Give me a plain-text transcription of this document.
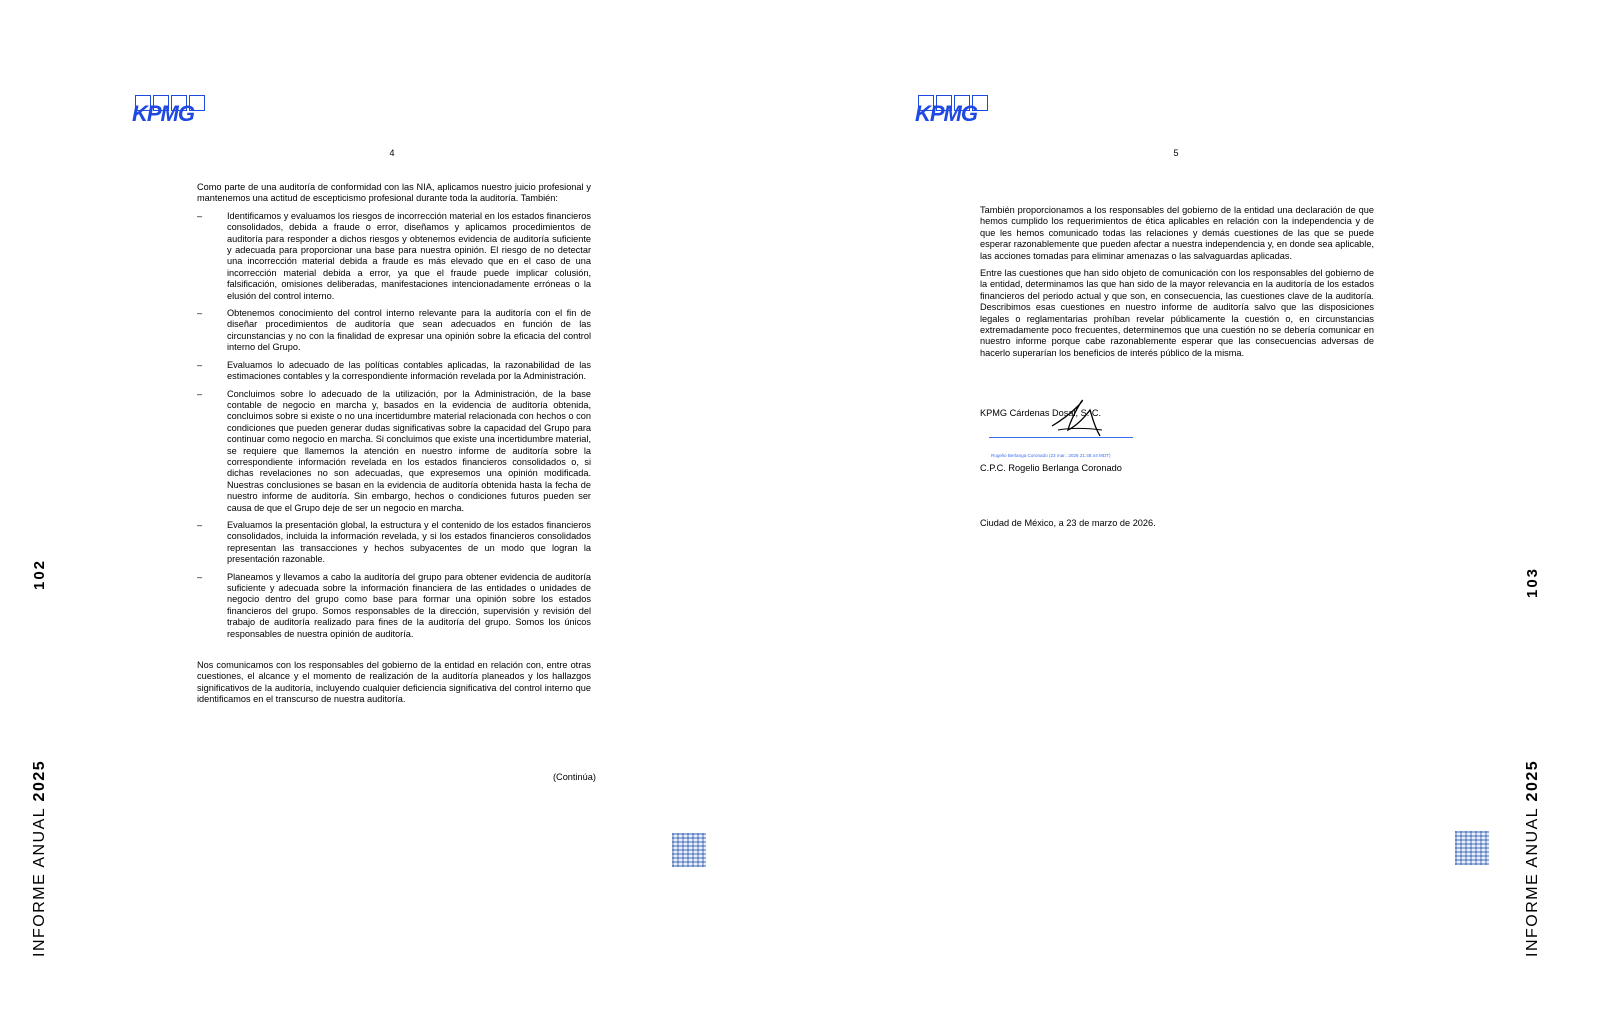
KPMG
4

Como parte de una auditoría de conformidad con las NIA, aplicamos nuestro juicio profesional y mantenemos una actitud de escepticismo profesional durante toda la auditoría. También:

–	Identificamos y evaluamos los riesgos de incorrección material en los estados financieros consolidados, debida a fraude o error, diseñamos y aplicamos procedimientos de auditoría para responder a dichos riesgos y obtenemos evidencia de auditoría suficiente y adecuada para proporcionar una base para nuestra opinión. El riesgo de no detectar una incorrección material debida a fraude es más elevado que en el caso de una incorrección material debida a error, ya que el fraude puede implicar colusión, falsificación, omisiones deliberadas, manifestaciones intencionadamente erróneas o la elusión del control interno.
–	Obtenemos conocimiento del control interno relevante para la auditoría con el fin de diseñar procedimientos de auditoría que sean adecuados en función de las circunstancias y no con la finalidad de expresar una opinión sobre la eficacia del control interno del Grupo.
–	Evaluamos lo adecuado de las políticas contables aplicadas, la razonabilidad de las estimaciones contables y la correspondiente información revelada por la Administración.
–	Concluimos sobre lo adecuado de la utilización, por la Administración, de la base contable de negocio en marcha y, basados en la evidencia de auditoría obtenida, concluimos sobre si existe o no una incertidumbre material relacionada con hechos o con condiciones que pueden generar dudas significativas sobre la capacidad del Grupo para continuar como negocio en marcha. Si concluimos que existe una incertidumbre material, se requiere que llamemos la atención en nuestro informe de auditoría sobre la correspondiente información revelada en los estados financieros consolidados o, si dichas revelaciones no son adecuadas, que expresemos una opinión modificada. Nuestras conclusiones se basan en la evidencia de auditoría obtenida hasta la fecha de nuestro informe de auditoría. Sin embargo, hechos o condiciones futuros pueden ser causa de que el Grupo deje de ser un negocio en marcha.
–	Evaluamos la presentación global, la estructura y el contenido de los estados financieros consolidados, incluida la información revelada, y si los estados financieros consolidados representan las transacciones y hechos subyacentes de un modo que logran la presentación razonable.
–	Planeamos y llevamos a cabo la auditoría del grupo para obtener evidencia de auditoría suficiente y adecuada sobre la información financiera de las entidades o unidades de negocio dentro del grupo como base para formar una opinión sobre los estados financieros del grupo. Somos responsables de la dirección, supervisión y revisión del trabajo de auditoría realizado para fines de la auditoría del grupo. Somos los únicos responsables de nuestra opinión de auditoría.

Nos comunicamos con los responsables del gobierno de la entidad en relación con, entre otras cuestiones, el alcance y el momento de realización de la auditoría planeados y los hallazgos significativos de la auditoría, incluyendo cualquier deficiencia significativa del control interno que identificamos en el transcurso de nuestra auditoría.

(Continúa)
102
INFORME ANUAL 2025
KPMG
5

También proporcionamos a los responsables del gobierno de la entidad una declaración de que hemos cumplido los requerimientos de ética aplicables en relación con la independencia y de que les hemos comunicado todas las relaciones y demás cuestiones de las que se puede esperar razonablemente que pueden afectar a nuestra independencia y, en donde sea aplicable, las acciones tomadas para eliminar amenazas o las salvaguardas aplicadas.

Entre las cuestiones que han sido objeto de comunicación con los responsables del gobierno de la entidad, determinamos las que han sido de la mayor relevancia en la auditoría de los estados financieros del periodo actual y que son, en consecuencia, las cuestiones clave de la auditoría. Describimos esas cuestiones en nuestro informe de auditoría salvo que las disposiciones legales o reglamentarias prohíban revelar públicamente la cuestión o, en circunstancias extremadamente poco frecuentes, determinemos que una cuestión no se debería comunicar en nuestro informe porque cabe razonablemente esperar que las consecuencias adversas de hacerlo superarían los beneficios de interés público de la misma.

KPMG Cárdenas Dosal, S. C.
Rogelio Berlanga Coronado (23 mar.. 2026 21:48:44 MDT)
C.P.C. Rogelio Berlanga Coronado
Ciudad de México, a 23 de marzo de 2026.
103
INFORME ANUAL 2025
